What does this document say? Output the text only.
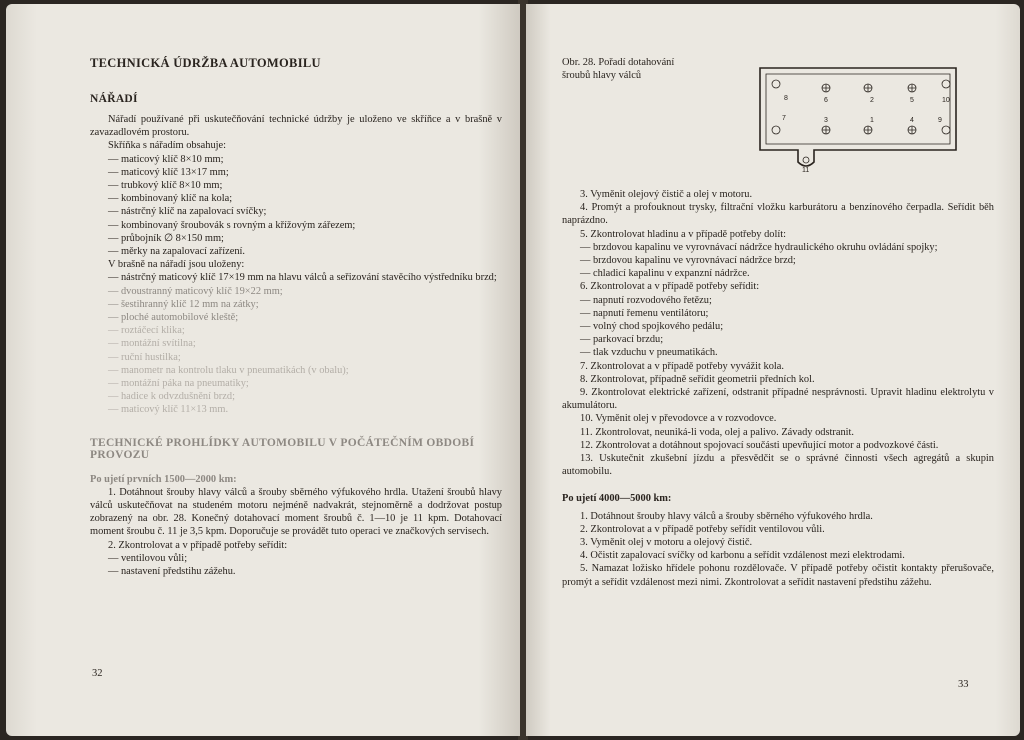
TECHNICKÁ ÚDRŽBA AUTOMOBILU
NÁŘADÍ

Nářadí používané při uskutečňování technické údržby je uloženo ve skříňce a v brašně v zavazadlovém prostoru.

Skříňka s nářadím obsahuje:

— maticový klíč 8×10 mm;
— maticový klíč 13×17 mm;
— trubkový klíč 8×10 mm;
— kombinovaný klíč na kola;
— nástrčný klíč na zapalovací svíčky;
— kombinovaný šroubovák s rovným a křížovým zářezem;
— průbojník ∅ 8×150 mm;
— měrky na zapalovací zařízení.

V brašně na nářadí jsou uloženy:

— nástrčný maticový klíč 17×19 mm na hlavu válců a seřizování stavěcího výstředníku brzd;
— dvoustranný maticový klíč 19×22 mm;
— šestihranný klíč 12 mm na zátky;
— ploché automobilové kleště;
— roztáčecí klika;
— montážní svítilna;
— ruční hustilka;
— manometr na kontrolu tlaku v pneumatikách (v obalu);
— montážní páka na pneumatiky;
— hadice k odvzdušnění brzd;
— maticový klíč 11×13 mm.
TECHNICKÉ PROHLÍDKY AUTOMOBILU V POČÁTEČNÍM OBDOBÍ PROVOZU

Po ujetí prvních 1500—2000 km:

1. Dotáhnout šrouby hlavy válců a šrouby sběrného výfukového hrdla. Utažení šroubů hlavy válců uskutečňovat na studeném motoru nejméně nadvakrát, stejnoměrně a dodržovat postup zobrazený na obr. 28. Konečný dotahovací moment šroubů č. 1—10 je 11 kpm. Dotahovací moment šroubu č. 11 je 3,5 kpm. Doporučuje se provádět tuto operaci ve značkových servisech.

2. Zkontrolovat a v případě potřeby seřídit:

— ventilovou vůli;
— nastavení předstihu zážehu.
32
Obr. 28. Pořadí dotahování šroubů hlavy válců
8	6	2	5	10
7	3	1	4	9
11

3. Vyměnit olejový čistič a olej v motoru.

4. Promýt a profouknout trysky, filtrační vložku karburátoru a benzínového čerpadla. Seřídit běh naprázdno.

5. Zkontrolovat hladinu a v případě potřeby dolít:

— brzdovou kapalinu ve vyrovnávací nádržce hydraulického okruhu ovládání spojky;
— brzdovou kapalinu ve vyrovnávací nádržce brzd;
— chladicí kapalinu v expanzní nádržce.

6. Zkontrolovat a v případě potřeby seřídit:

— napnutí rozvodového řetězu;
— napnutí řemenu ventilátoru;
— volný chod spojkového pedálu;
— parkovací brzdu;
— tlak vzduchu v pneumatikách.

7. Zkontrolovat a v případě potřeby vyvážit kola.

8. Zkontrolovat, případně seřídit geometrii předních kol.

9. Zkontrolovat elektrické zařízení, odstranit případné nesprávnosti. Upravit hladinu elektrolytu v akumulátoru.

10. Vyměnit olej v převodovce a v rozvodovce.

11. Zkontrolovat, neuniká-li voda, olej a palivo. Závady odstranit.

12. Zkontrolovat a dotáhnout spojovací součásti upevňující motor a podvozkové části.

13. Uskutečnit zkušební jízdu a přesvědčit se o správné činnosti všech agregátů a skupin automobilu.

Po ujetí 4000—5000 km:

1. Dotáhnout šrouby hlavy válců a šrouby sběrného výfukového hrdla.

2. Zkontrolovat a v případě potřeby seřídit ventilovou vůli.

3. Vyměnit olej v motoru a olejový čistič.

4. Očistit zapalovací svíčky od karbonu a seřídit vzdálenost mezi elektrodami.

5. Namazat ložisko hřídele pohonu rozdělovače. V případě potřeby očistit kontakty přerušovače, promýt a seřídit vzdálenost mezi nimi. Zkontrolovat a seřídit nastavení předstihu zážehu.

33
